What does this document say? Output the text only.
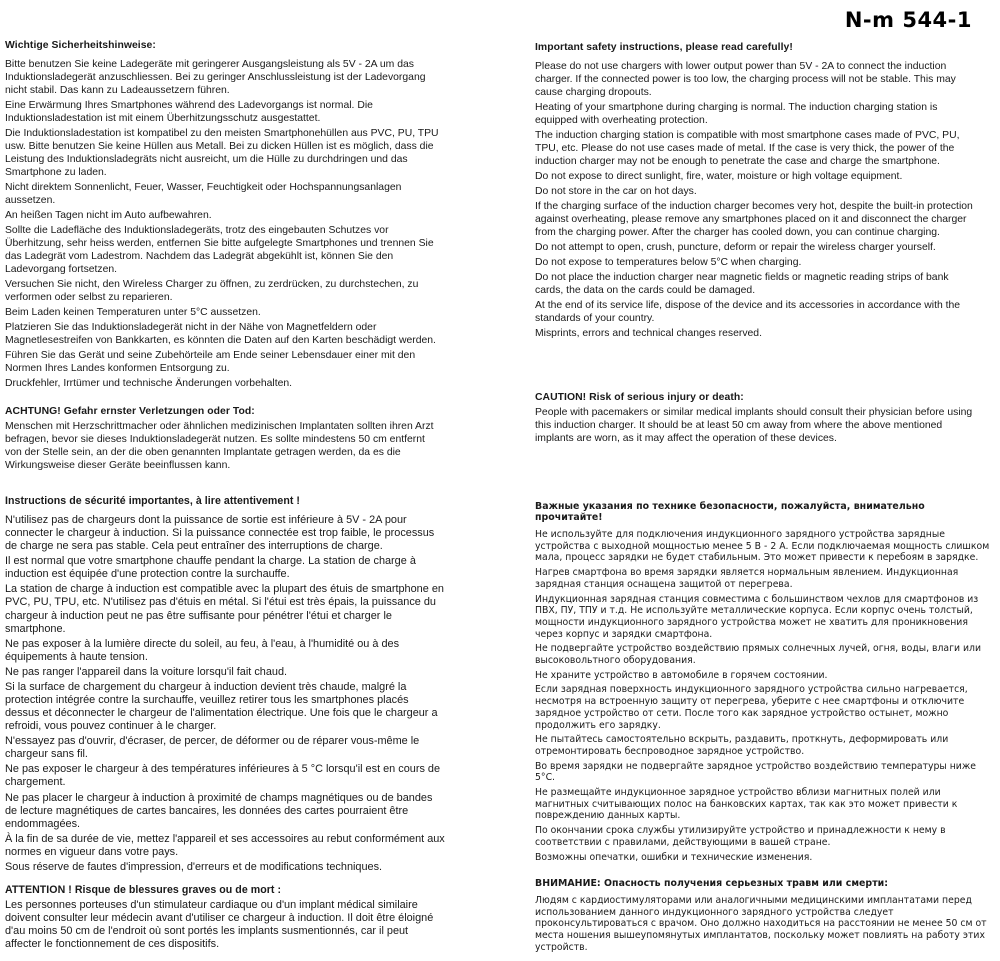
N-m 544-1
Wichtige Sicherheitshinweise:

Bitte benutzen Sie keine Ladegeräte mit geringerer Ausgangsleistung als 5V - 2A um das Induktionsladegerät anzuschliessen. Bei zu geringer Anschlussleistung ist der Ladevorgang nicht stabil. Das kann zu Ladeaussetzern führen.

Eine Erwärmung Ihres Smartphones während des Ladevorgangs ist normal. Die Induktionsladestation ist mit einem Überhitzungsschutz ausgestattet.

Die Induktionsladestation ist kompatibel zu den meisten Smartphonehüllen aus PVC, PU, TPU usw. Bitte benutzen Sie keine Hüllen aus Metall. Bei zu dicken Hüllen ist es möglich, dass die Leistung des Induktionsladegräts nicht ausreicht, um die Hülle zu durchdringen und das Smartphone zu laden.

Nicht direktem Sonnenlicht, Feuer, Wasser, Feuchtigkeit oder Hochspannungsanlagen aussetzen.

An heißen Tagen nicht im Auto aufbewahren.

Sollte die Ladefläche des Induktionsladegeräts, trotz des eingebauten Schutzes vor Überhitzung, sehr heiss werden, entfernen Sie bitte aufgelegte Smartphones und trennen Sie das Ladegrät vom Ladestrom. Nachdem das Ladegrät abgekühlt ist, können Sie den Ladevorgang fortsetzen.

Versuchen Sie nicht, den Wireless Charger zu öffnen, zu zerdrücken, zu durchstechen, zu verformen oder selbst zu reparieren.

Beim Laden keinen Temperaturen unter 5°C aussetzen.

Platzieren Sie das Induktionsladegerät nicht in der Nähe von Magnetfeldern oder Magnetlesestreifen von Bankkarten, es könnten die Daten auf den Karten beschädigt werden.

Führen Sie das Gerät und seine Zubehörteile am Ende seiner Lebensdauer einer mit den Normen Ihres Landes konformen Entsorgung zu.

Druckfehler, Irrtümer und technische Änderungen vorbehalten.

ACHTUNG! Gefahr ernster Verletzungen oder Tod:

Menschen mit Herzschrittmacher oder ähnlichen medizinischen Implantaten sollten ihren Arzt befragen, bevor sie dieses Induktionsladegerät nutzen. Es sollte mindestens 50 cm entfernt von der Stelle sein, an der die oben genannten Implantate getragen werden, da es die Wirkungsweise dieser Geräte beeinflussen kann.

Important safety instructions, please read carefully!

Please do not use chargers with lower output power than 5V - 2A to connect the induction charger. If the connected power is too low, the charging process will not be stable. This may cause charging dropouts.

Heating of your smartphone during charging is normal. The induction charging station is equipped with overheating protection.

The induction charging station is compatible with most smartphone cases made of PVC, PU, TPU, etc. Please do not use cases made of metal. If the case is very thick, the power of the induction charger may not be enough to penetrate the case and charge the smartphone.

Do not expose to direct sunlight, fire, water, moisture or high voltage equipment.

Do not store in the car on hot days.

If the charging surface of the induction charger becomes very hot, despite the built-in protection against overheating, please remove any smartphones placed on it and disconnect the charger from the charging power. After the charger has cooled down, you can continue charging.

Do not attempt to open, crush, puncture, deform or repair the wireless charger yourself.

Do not expose to temperatures below 5°C when charging.

Do not place the induction charger near magnetic fields or magnetic reading strips of bank cards, the data on the cards could be damaged.

At the end of its service life, dispose of the device and its accessories in accordance with the standards of your country.

Misprints, errors and technical changes reserved.

CAUTION! Risk of serious injury or death:

People with pacemakers or similar medical implants should consult their physician before using this induction charger. It should be at least 50 cm away from where the above mentioned implants are worn, as it may affect the operation of these devices.

Instructions de sécurité importantes, à lire attentivement !

N'utilisez pas de chargeurs dont la puissance de sortie est inférieure à 5V - 2A pour connecter le chargeur à induction. Si la puissance connectée est trop faible, le processus de charge ne sera pas stable. Cela peut entraîner des interruptions de charge.

Il est normal que votre smartphone chauffe pendant la charge. La station de charge à induction est équipée d'une protection contre la surchauffe.

La station de charge à induction est compatible avec la plupart des étuis de smartphone en PVC, PU, TPU, etc. N'utilisez pas d'étuis en métal. Si l'étui est très épais, la puissance du chargeur à induction peut ne pas être suffisante pour pénétrer l'étui et charger le smartphone.

Ne pas exposer à la lumière directe du soleil, au feu, à l'eau, à l'humidité ou à des équipements à haute tension.

Ne pas ranger l'appareil dans la voiture lorsqu'il fait chaud.

Si la surface de chargement du chargeur à induction devient très chaude, malgré la protection intégrée contre la surchauffe, veuillez retirer tous les smartphones placés dessus et déconnecter le chargeur de l'alimentation électrique. Une fois que le chargeur a refroidi, vous pouvez continuer à le charger.

N'essayez pas d'ouvrir, d'écraser, de percer, de déformer ou de réparer vous-même le chargeur sans fil.

Ne pas exposer le chargeur à des températures inférieures à 5 °C lorsqu'il est en cours de chargement.

Ne pas placer le chargeur à induction à proximité de champs magnétiques ou de bandes de lecture magnétiques de cartes bancaires, les données des cartes pourraient être endommagées.

À la fin de sa durée de vie, mettez l'appareil et ses accessoires au rebut conformément aux normes en vigueur dans votre pays.

Sous réserve de fautes d'impression, d'erreurs et de modifications techniques.

ATTENTION ! Risque de blessures graves ou de mort :

Les personnes porteuses d'un stimulateur cardiaque ou d'un implant médical similaire doivent consulter leur médecin avant d'utiliser ce chargeur à induction. Il doit être éloigné d'au moins 50 cm de l'endroit où sont portés les implants susmentionnés, car il peut affecter le fonctionnement de ces dispositifs.

Важные указания по технике безопасности, пожалуйста, внимательно прочитайте!

Не используйте для подключения индукционного зарядного устройства зарядные устройства с выходной мощностью менее 5 В - 2 А. Если подключаемая мощность слишком мала, процесс зарядки не будет стабильным. Это может привести к перебоям в зарядке.

Нагрев смартфона во время зарядки является нормальным явлением. Индукционная зарядная станция оснащена защитой от перегрева.

Индукционная зарядная станция совместима с большинством чехлов для смартфонов из ПВХ, ПУ, ТПУ и т.д. Не используйте металлические корпуса. Если корпус очень толстый, мощности индукционного зарядного устройства может не хватить для проникновения через корпус и зарядки смартфона.

Не подвергайте устройство воздействию прямых солнечных лучей, огня, воды, влаги или высоковольтного оборудования.

Не храните устройство в автомобиле в горячем состоянии.

Если зарядная поверхность индукционного зарядного устройства сильно нагревается, несмотря на встроенную защиту от перегрева, уберите с нее смартфоны и отключите зарядное устройство от сети. После того как зарядное устройство остынет, можно продолжить его зарядку.

Не пытайтесь самостоятельно вскрыть, раздавить, проткнуть, деформировать или отремонтировать беспроводное зарядное устройство.

Во время зарядки не подвергайте зарядное устройство воздействию температуры ниже 5°C.

Не размещайте индукционное зарядное устройство вблизи магнитных полей или магнитных считывающих полос на банковских картах, так как это может привести к повреждению данных карты.

По окончании срока службы утилизируйте устройство и принадлежности к нему в соответствии с правилами, действующими в вашей стране.

Возможны опечатки, ошибки и технические изменения.

ВНИМАНИЕ: Опасность получения серьезных травм или смерти:

Людям с кардиостимуляторами или аналогичными медицинскими имплантатами перед использованием данного индукционного зарядного устройства следует проконсультироваться с врачом. Оно должно находиться на расстоянии не менее 50 см от места ношения вышеупомянутых имплантатов, поскольку может повлиять на работу этих устройств.
